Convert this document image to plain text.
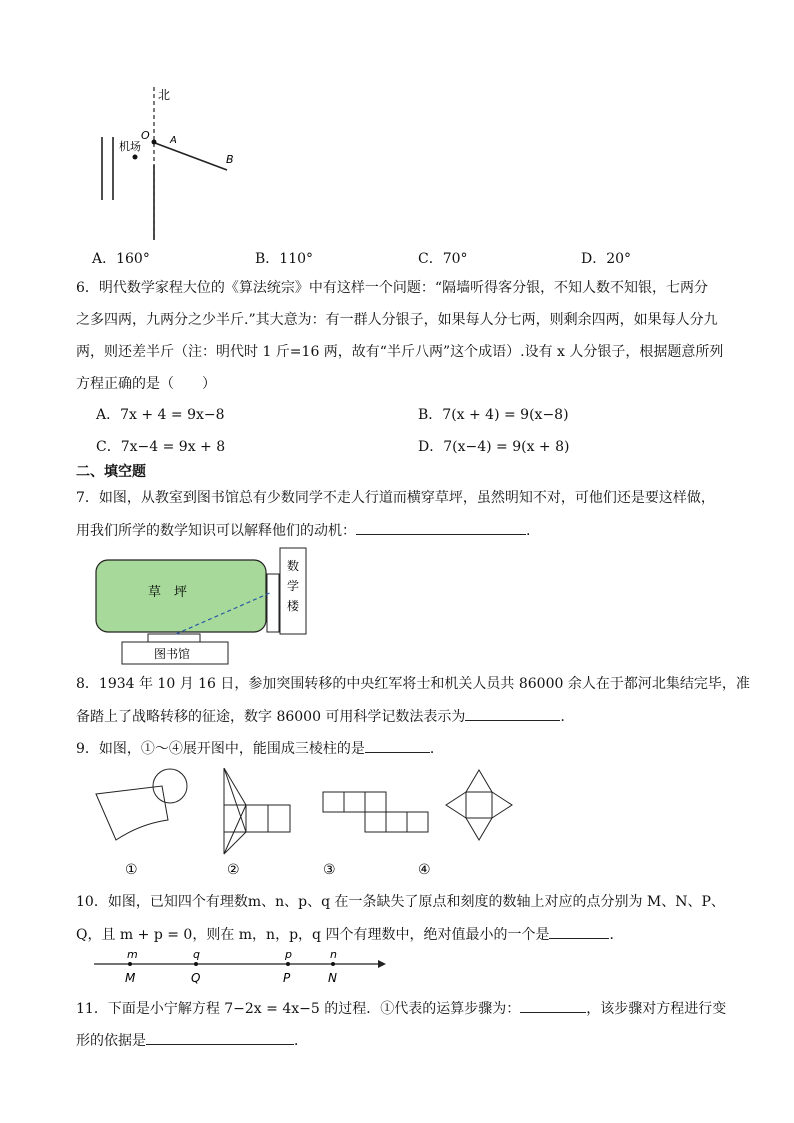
北
机场
O A
B
A．160°	B．110°	C．70°	D．20°
6．明代数学家程大位的《算法统宗》中有这样一个问题：“隔墙听得客分银，不知人数不知银，七两分
之多四两，九两分之少半斤.”其大意为：有一群人分银子，如果每人分七两，则剩余四两，如果每人分九
两，则还差半斤（注：明代时 1 斤=16 两，故有“半斤八两”这个成语）.设有 x 人分银子，根据题意所列
方程正确的是（　　）
A．7x + 4 = 9x−8	B．7(x + 4) = 9(x−8)
C．7x−4 = 9x + 8	D．7(x−4) = 9(x + 8)
二、填空题
7．如图，从教室到图书馆总有少数同学不走人行道而横穿草坪，虽然明知不对，可他们还是要这样做，
用我们所学的数学知识可以解释他们的动机：	.
草　坪
数
学
楼
图书馆
8．1934 年 10 月 16 日，参加突围转移的中央红军将士和机关人员共 86000 余人在于都河北集结完毕，准
备踏上了战略转移的征途，数字 86000 可用科学记数法表示为	．
9．如图，①～④展开图中，能围成三棱柱的是	．
①	②	③	④
10．如图，已知四个有理数m、n、p、q 在一条缺失了原点和刻度的数轴上对应的点分别为 M、N、P、
Q，且 m + p = 0，则在 m，n，p，q 四个有理数中，绝对值最小的一个是	．
m
M
q
Q
p
P
n
N
11．下面是小宁解方程 7−2x = 4x−5 的过程．①代表的运算步骤为：	，该步骤对方程进行变
形的依据是	．
